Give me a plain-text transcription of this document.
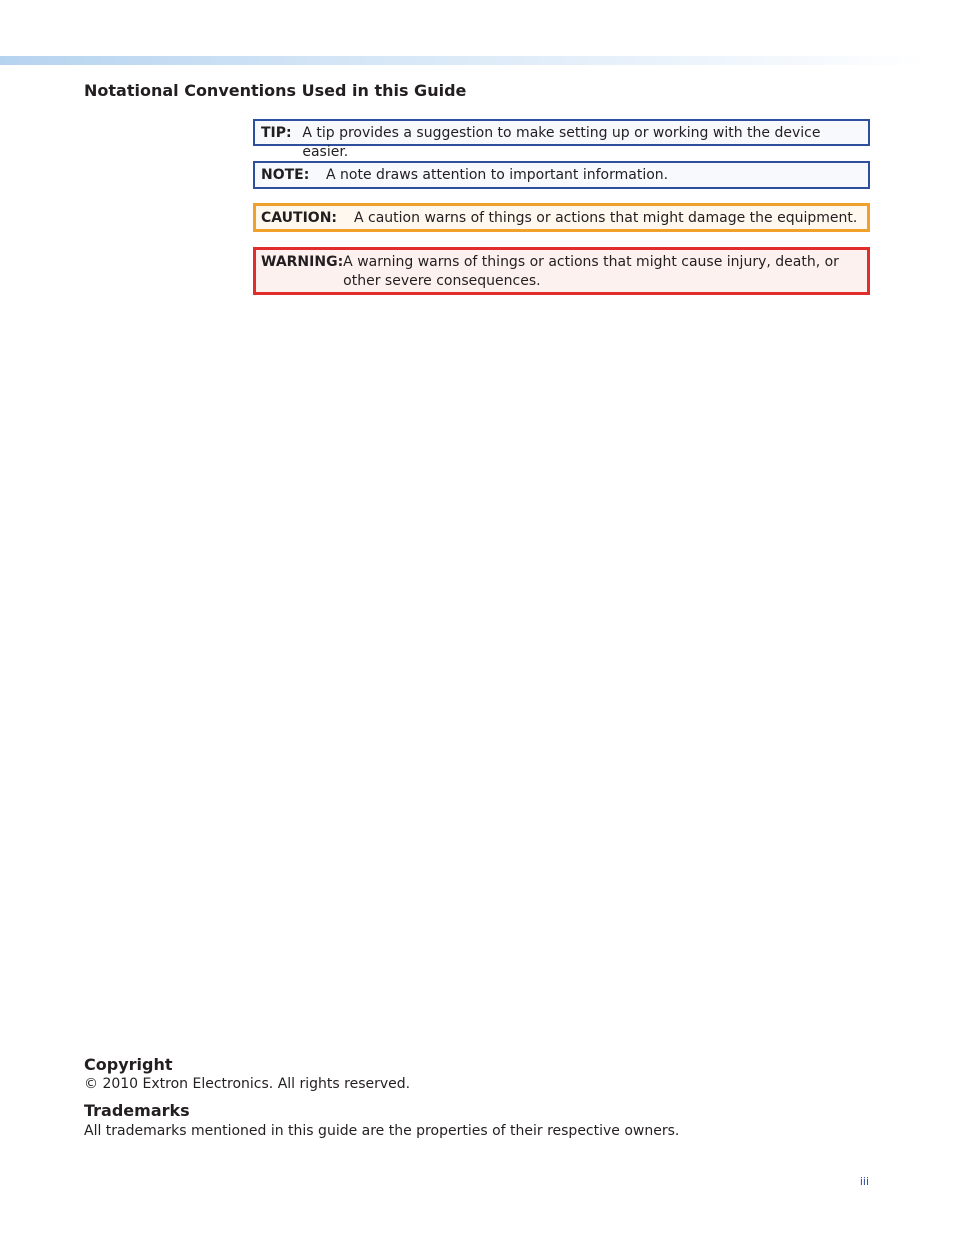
Notational Conventions Used in this Guide
TIP: A tip provides a suggestion to make setting up or working with the device easier.
NOTE:	A note draws attention to important information.
CAUTION:	A caution warns of things or actions that might damage the equipment.
WARNING: A warning warns of things or actions that might cause injury, death, or other severe consequences.
Copyright

© 2010 Extron Electronics. All rights reserved.

Trademarks

All trademarks mentioned in this guide are the properties of their respective owners.

iii
